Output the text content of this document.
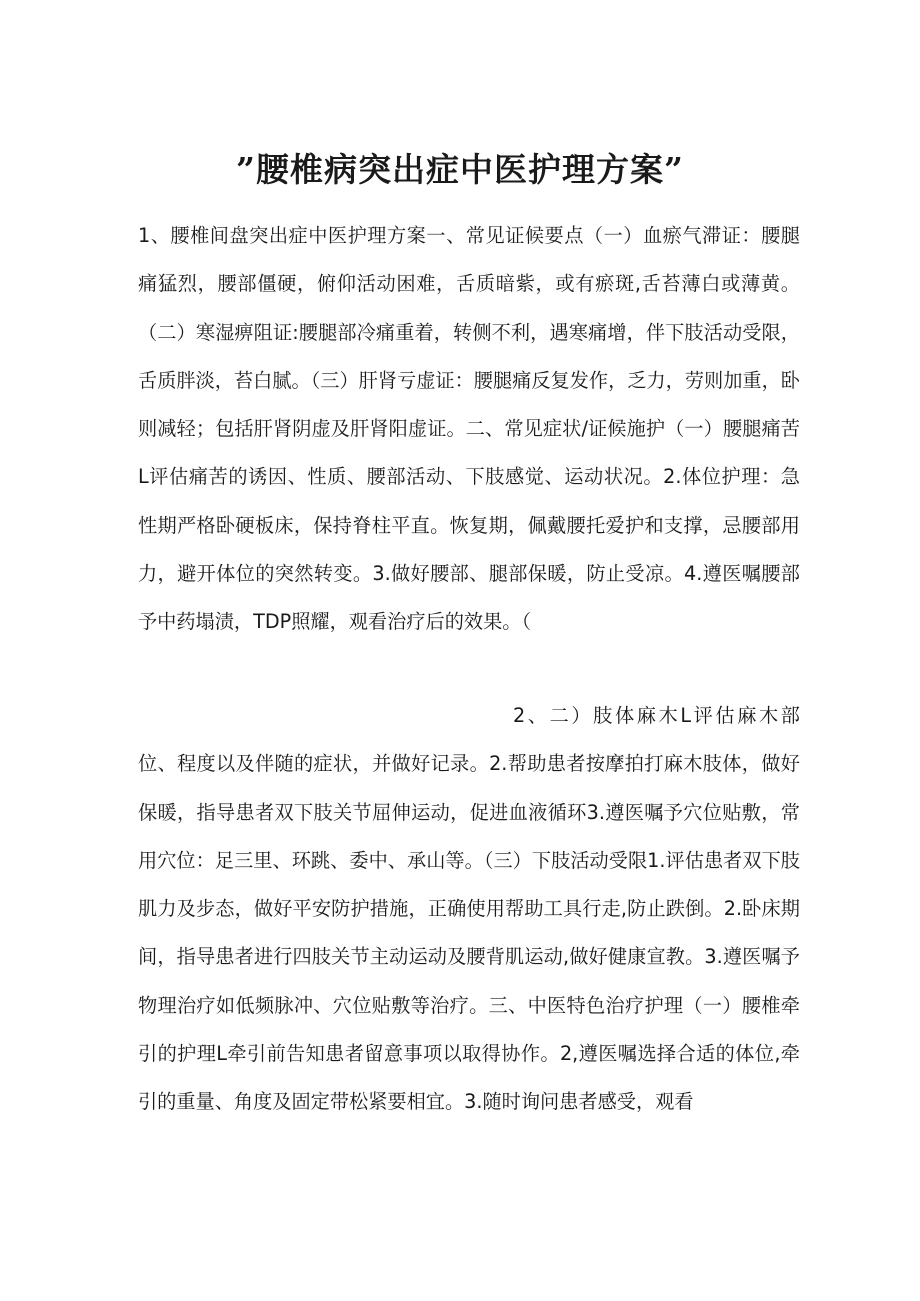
”腰椎病突出症中医护理方案”

1、腰椎间盘突出症中医护理方案一、常见证候要点（一）血瘀气滞证：腰腿痛猛烈，腰部僵硬，俯仰活动困难，舌质暗紫，或有瘀斑,舌苔薄白或薄黄。（二）寒湿痹阻证:腰腿部冷痛重着，转侧不利，遇寒痛增，伴下肢活动受限，舌质胖淡，苔白腻。（三）肝肾亏虚证：腰腿痛反复发作，乏力，劳则加重，卧则减轻；包括肝肾阴虚及肝肾阳虚证。二、常见症状/证候施护（一）腰腿痛苦L评估痛苦的诱因、性质、腰部活动、下肢感觉、运动状况。2.体位护理：急性期严格卧硬板床，保持脊柱平直。恢复期，佩戴腰托爱护和支撑，忌腰部用力，避开体位的突然转变。3.做好腰部、腿部保暖，防止受凉。4.遵医嘱腰部予中药塌渍，TDP照耀，观看治疗后的效果。（

2、二）肢体麻木L评估麻木部位、程度以及伴随的症状，并做好记录。2.帮助患者按摩拍打麻木肢体，做好保暖，指导患者双下肢关节屈伸运动，促进血液循环3.遵医嘱予穴位贴敷，常用穴位：足三里、环跳、委中、承山等。（三）下肢活动受限1.评估患者双下肢肌力及步态，做好平安防护措施，正确使用帮助工具行走,防止跌倒。2.卧床期间，指导患者进行四肢关节主动运动及腰背肌运动,做好健康宣教。3.遵医嘱予物理治疗如低频脉冲、穴位贴敷等治疗。三、中医特色治疗护理（一）腰椎牵引的护理L牵引前告知患者留意事项以取得协作。2,遵医嘱选择合适的体位,牵引的重量、角度及固定带松紧要相宜。3.随时询问患者感受，观看
